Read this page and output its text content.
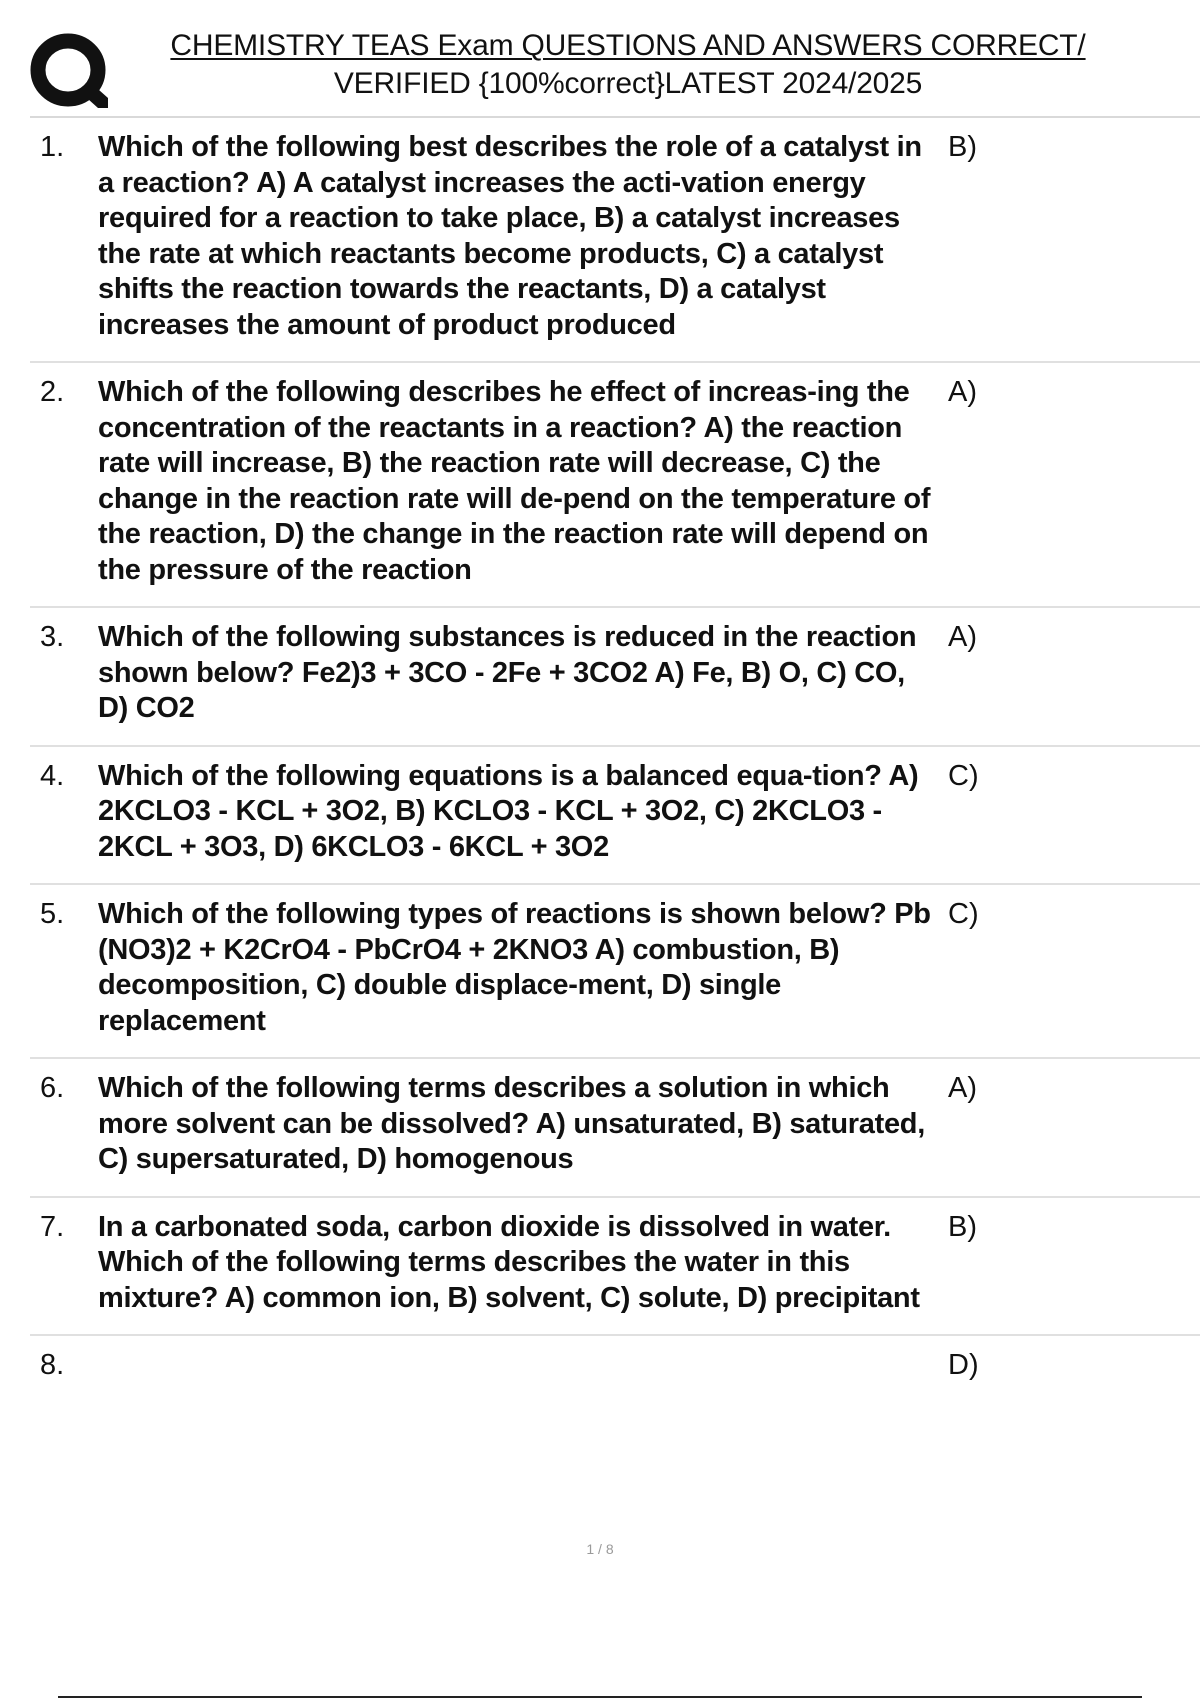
CHEMISTRY TEAS Exam QUESTIONS AND ANSWERS CORRECT/
VERIFIED {100%correct}LATEST 2024/2025
1. Which of the following best describes the role of a catalyst in a reaction? A) A catalyst increases the acti-vation energy required for a reaction to take place, B) a catalyst increases the rate at which reactants become products, C) a catalyst shifts the reaction towards the reactants, D) a catalyst increases the amount of product produced
B)
2. Which of the following describes he effect of increas-ing the concentration of the reactants in a reaction? A) the reaction rate will increase, B) the reaction rate will decrease, C) the change in the reaction rate will de-pend on the temperature of the reaction, D) the change in the reaction rate will depend on the pressure of the reaction
A)
3. Which of the following substances is reduced in the reaction shown below? Fe2)3 + 3CO - 2Fe + 3CO2 A) Fe, B) O, C) CO, D) CO2
A)
4. Which of the following equations is a balanced equa-tion? A) 2KCLO3 - KCL + 3O2, B) KCLO3 - KCL + 3O2, C) 2KCLO3 - 2KCL + 3O3, D) 6KCLO3 - 6KCL + 3O2
C)
5. Which of the following types of reactions is shown below? Pb (NO3)2 + K2CrO4 - PbCrO4 + 2KNO3 A) combustion, B) decomposition, C) double displace-ment, D) single replacement
C)
6. Which of the following terms describes a solution in which more solvent can be dissolved? A) unsaturated, B) saturated, C) supersaturated, D) homogenous
A)
7. In a carbonated soda, carbon dioxide is dissolved in water. Which of the following terms describes the water in this mixture? A) common ion, B) solvent, C) solute, D) precipitant
B)
8.	D)
1 / 8
